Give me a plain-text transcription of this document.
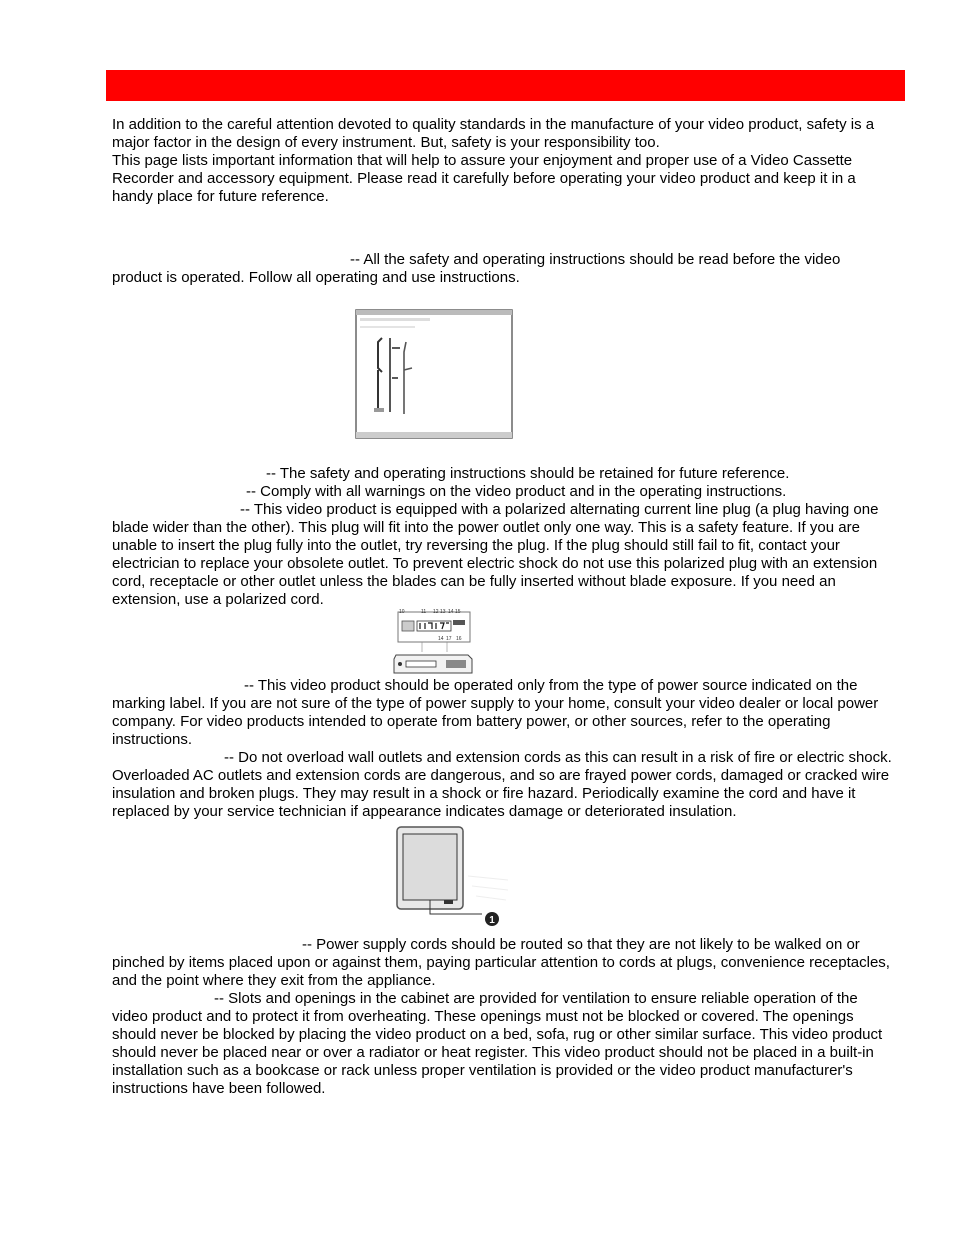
In addition to the careful attention devoted to quality standards in the manufacture of your video product, safety is a major factor in the design of every instrument. But, safety is your responsibility too.

This page lists important information that will help to assure your enjoyment and proper use of a Video Cassette Recorder and accessory equipment. Please read it carefully before operating your video product and keep it in a handy place for future reference.

-- All the safety and operating instructions should be read before the video product is operated. Follow all operating and use instructions.

-- The safety and operating instructions should be retained for future reference.

-- Comply with all warnings on the video product and in the operating instructions.

-- This video product is equipped with a polarized alternating current line plug (a plug having one blade wider than the other). This plug will fit into the power outlet only one way. This is a safety feature. If you are unable to insert the plug fully into the outlet, try reversing the plug. If the plug should still fail to fit, contact your electrician to replace your obsolete outlet. To prevent electric shock do not use this polarized plug with an extension cord, receptacle or other outlet unless the blades can be fully inserted without blade exposure. If you need an extension, use a polarized cord.

10	11 12 13 14 15
14 17 16

-- This video product should be operated only from the type of power source indicated on the marking label. If you are not sure of the type of power supply to your home, consult your video dealer or local power company. For video products intended to operate from battery power, or other sources, refer to the operating instructions.

-- Do not overload wall outlets and extension cords as this can result in a risk of fire or electric shock. Overloaded AC outlets and extension cords are dangerous, and so are frayed power cords, damaged or cracked wire insulation and broken plugs. They may result in a shock or fire hazard. Periodically examine the cord and have it replaced by your service technician if appearance indicates damage or deteriorated insulation.

1

-- Power supply cords should be routed so that they are not likely to be walked on or pinched by items placed upon or against them, paying particular attention to cords at plugs, convenience receptacles, and the point where they exit from the appliance.

-- Slots and openings in the cabinet are provided for ventilation to ensure reliable operation of the video product and to protect it from overheating. These openings must not be blocked or covered. The openings should never be blocked by placing the video product on a bed, sofa, rug or other similar surface. This video product should never be placed near or over a radiator or heat register. This video product should not be placed in a built-in installation such as a bookcase or rack unless proper ventilation is provided or the video product manufacturer's instructions have been followed.
